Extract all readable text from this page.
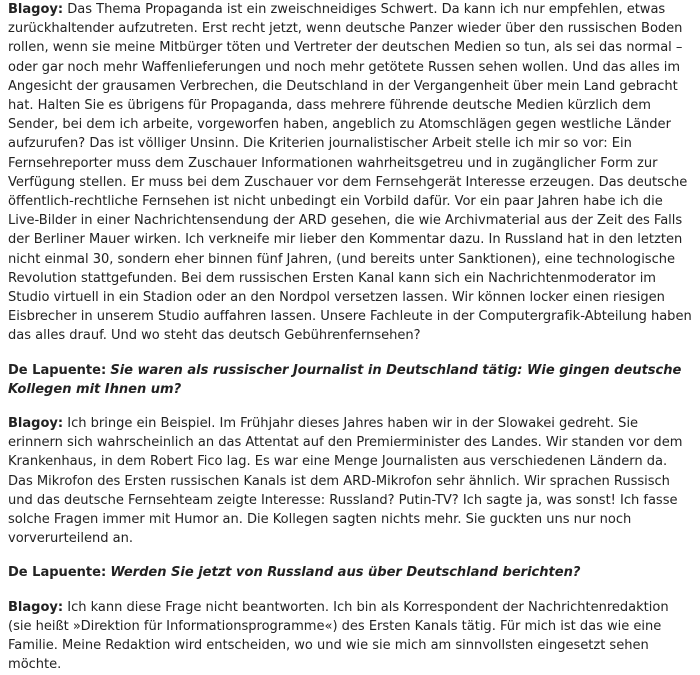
Blagoy: Das Thema Propaganda ist ein zweischneidiges Schwert. Da kann ich nur empfehlen, etwas zurückhaltender aufzutreten. Erst recht jetzt, wenn deutsche Panzer wieder über den russischen Boden rollen, wenn sie meine Mitbürger töten und Vertreter der deutschen Medien so tun, als sei das normal – oder gar noch mehr Waffenlieferungen und noch mehr getötete Russen sehen wollen. Und das alles im Angesicht der grausamen Verbrechen, die Deutschland in der Vergangenheit über mein Land gebracht hat. Halten Sie es übrigens für Propaganda, dass mehrere führende deutsche Medien kürzlich dem Sender, bei dem ich arbeite, vorgeworfen haben, angeblich zu Atomschlägen gegen westliche Länder aufzurufen? Das ist völliger Unsinn. Die Kriterien journalistischer Arbeit stelle ich mir so vor: Ein Fernsehreporter muss dem Zuschauer Informationen wahrheitsgetreu und in zugänglicher Form zur Verfügung stellen. Er muss bei dem Zuschauer vor dem Fernsehgerät Interesse erzeugen. Das deutsche öffentlich-rechtliche Fernsehen ist nicht unbedingt ein Vorbild dafür. Vor ein paar Jahren habe ich die Live-Bilder in einer Nachrichtensendung der ARD gesehen, die wie Archivmaterial aus der Zeit des Falls der Berliner Mauer wirken. Ich verkneife mir lieber den Kommentar dazu. In Russland hat in den letzten nicht einmal 30, sondern eher binnen fünf Jahren, (und bereits unter Sanktionen), eine technologische Revolution stattgefunden. Bei dem russischen Ersten Kanal kann sich ein Nachrichtenmoderator im Studio virtuell in ein Stadion oder an den Nordpol versetzen lassen. Wir können locker einen riesigen Eisbrecher in unserem Studio auffahren lassen. Unsere Fachleute in der Computergrafik-Abteilung haben das alles drauf. Und wo steht das deutsch Gebührenfernsehen?

De Lapuente: Sie waren als russischer Journalist in Deutschland tätig: Wie gingen deutsche Kollegen mit Ihnen um?

Blagoy: Ich bringe ein Beispiel. Im Frühjahr dieses Jahres haben wir in der Slowakei gedreht. Sie erinnern sich wahrscheinlich an das Attentat auf den Premierminister des Landes. Wir standen vor dem Krankenhaus, in dem Robert Fico lag. Es war eine Menge Journalisten aus verschiedenen Ländern da. Das Mikrofon des Ersten russischen Kanals ist dem ARD-Mikrofon sehr ähnlich. Wir sprachen Russisch und das deutsche Fernsehteam zeigte Interesse: Russland? Putin-TV? Ich sagte ja, was sonst! Ich fasse solche Fragen immer mit Humor an. Die Kollegen sagten nichts mehr. Sie guckten uns nur noch vorverurteilend an.

De Lapuente: Werden Sie jetzt von Russland aus über Deutschland berichten?

Blagoy: Ich kann diese Frage nicht beantworten. Ich bin als Korrespondent der Nachrichtenredaktion (sie heißt »Direktion für Informationsprogramme«) des Ersten Kanals tätig. Für mich ist das wie eine Familie. Meine Redaktion wird entscheiden, wo und wie sie mich am sinnvollsten eingesetzt sehen möchte.
